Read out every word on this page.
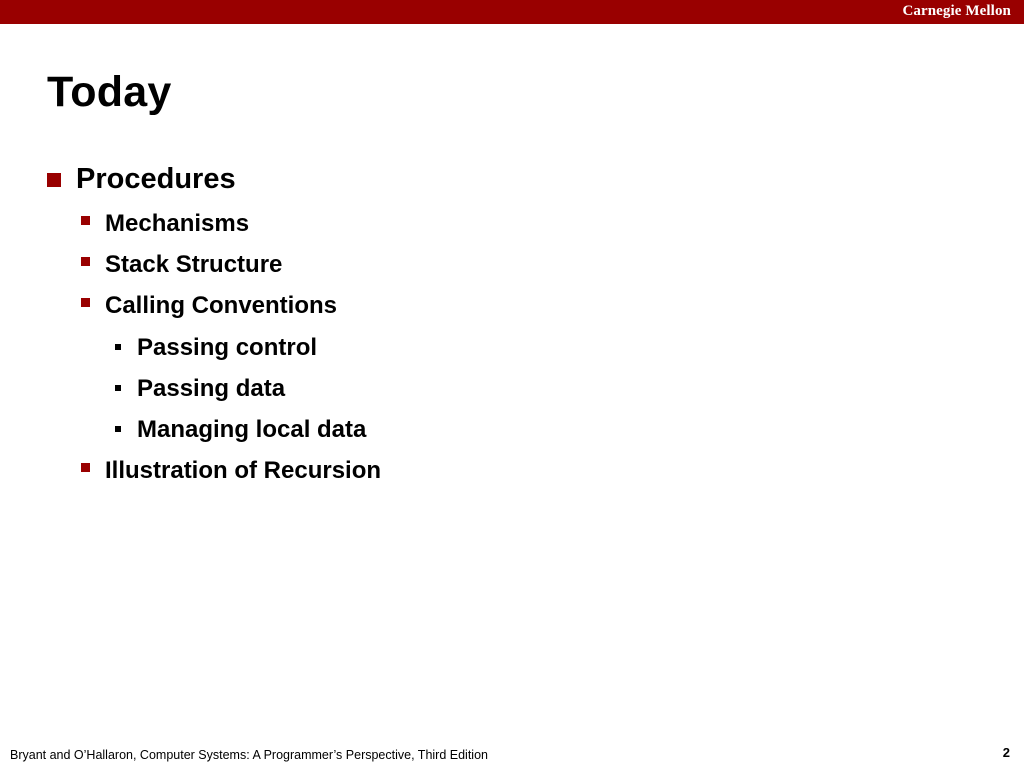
Carnegie Mellon
Today
Procedures
Mechanisms
Stack Structure
Calling Conventions
Passing control
Passing data
Managing local data
Illustration of Recursion
Bryant and O’Hallaron, Computer Systems: A Programmer’s Perspective, Third Edition	2
